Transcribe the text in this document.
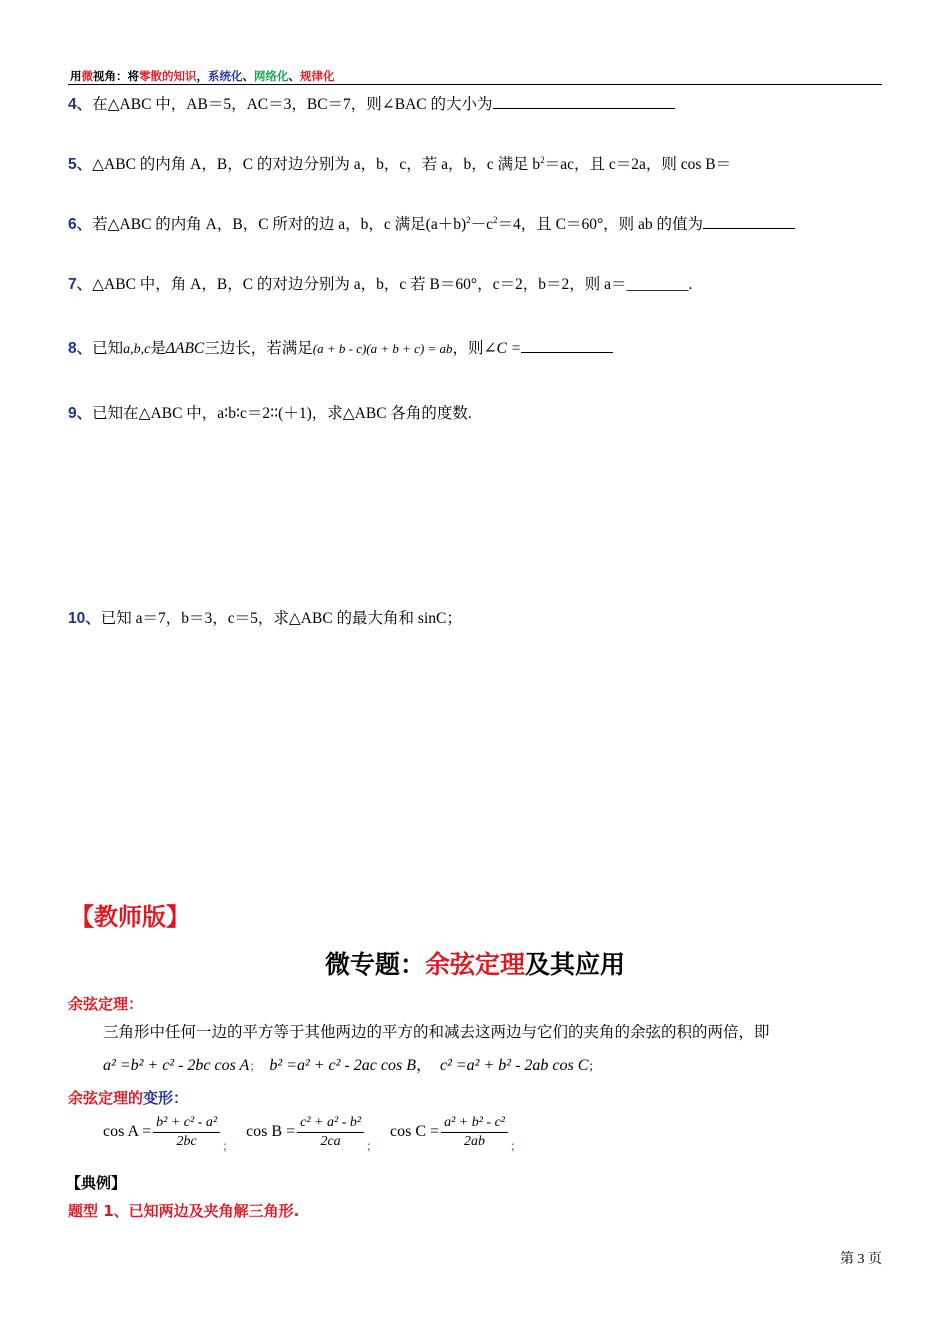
用微视角：将零散的知识，系统化、网络化、规律化
4、在△ABC 中，AB＝5，AC＝3，BC＝7，则∠BAC 的大小为
5、△ABC 的内角 A，B，C 的对边分别为 a，b，c，若 a，b，c 满足 $b^2=ac$，且 c＝2a，则 cos B＝
6、若△ABC 的内角 A，B，C 所对的边 a，b，c 满足$(a+b)^2-c^2=4$，且 C＝60°，则 ab 的值为
7、△ABC 中，角 A，B，C 的对边分别为 a，b，c 若 B＝60°，c＝2，b＝2，则 a＝________.
8、已知a,b,c是ΔABC三边长，若满足(a + b - c)(a + b + c) = ab，则∠C =
9、已知在△ABC 中，a∶b∶c＝2∶∶(＋1)，求△ABC 各角的度数.
10、已知 a＝7，b＝3，c＝5，求△ABC 的最大角和 sinC；
【教师版】
微专题：余弦定理及其应用
余弦定理：
三角形中任何一边的平方等于其他两边的平方的和减去这两边与它们的夹角的余弦的积的两倍，即
a² =b² + c² - 2bc cos A； b² =a² + c² - 2ac cos B， c² =a² + b² - 2ab cos C；
余弦定理的变形：
$\cos A = \frac{\text{b² + c² - a²}}{2bc} _;$   $\cos B = \frac{\text{c² + a² - b²}}{2ca} _;$   $\cos C = \frac{\text{a² + b² - c²}}{2ab} _;$
【典例】
题型 1、已知两边及夹角解三角形.
第 3 页
